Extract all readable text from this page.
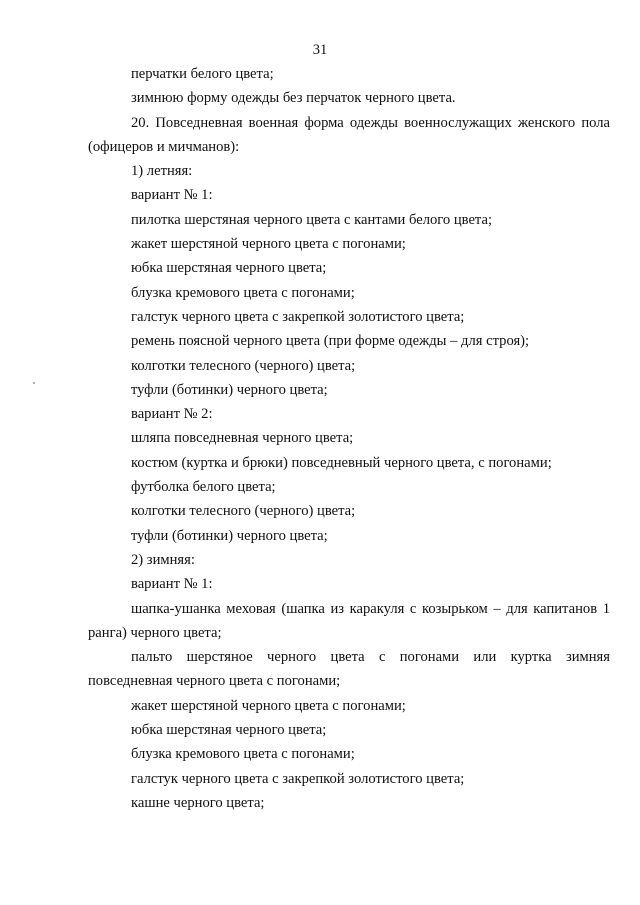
31

перчатки белого цвета;

зимнюю форму одежды без перчаток черного цвета.

20. Повседневная военная форма одежды военнослужащих женского пола (офицеров и мичманов):

1) летняя:

вариант № 1:

пилотка шерстяная черного цвета с кантами белого цвета;

жакет шерстяной черного цвета с погонами;

юбка шерстяная черного цвета;

блузка кремового цвета с погонами;

галстук черного цвета с закрепкой золотистого цвета;

ремень поясной черного цвета (при форме одежды – для строя);

колготки телесного (черного) цвета;

туфли (ботинки) черного цвета;

вариант № 2:

шляпа повседневная черного цвета;

костюм (куртка и брюки) повседневный черного цвета, с погонами;

футболка белого цвета;

колготки телесного (черного) цвета;

туфли (ботинки) черного цвета;

2) зимняя:

вариант № 1:

шапка-ушанка меховая (шапка из каракуля с козырьком – для капитанов 1 ранга) черного цвета;

пальто шерстяное черного цвета с погонами или куртка зимняя повседневная черного цвета с погонами;

жакет шерстяной черного цвета с погонами;

юбка шерстяная черного цвета;

блузка кремового цвета с погонами;

галстук черного цвета с закрепкой золотистого цвета;

кашне черного цвета;
